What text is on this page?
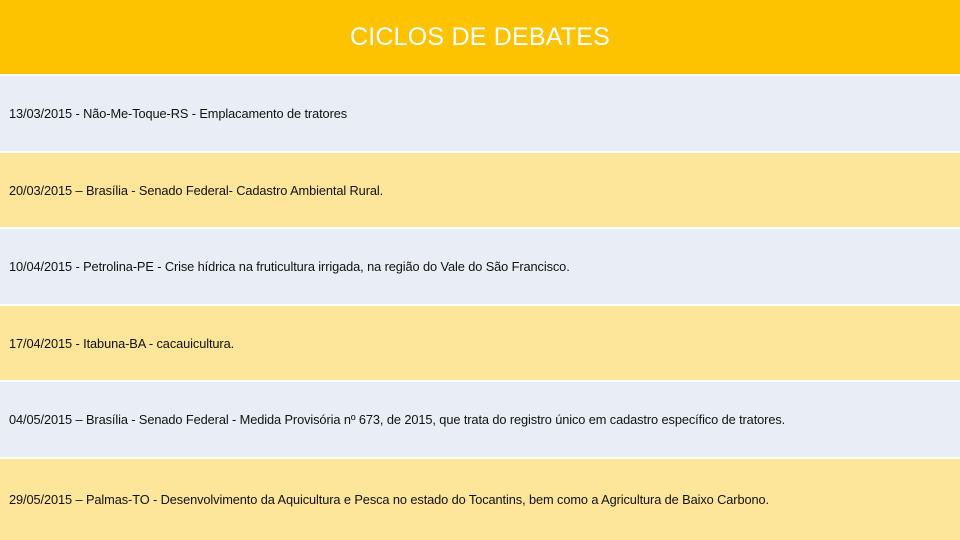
CICLOS DE DEBATES
13/03/2015 - Não-Me-Toque-RS - Emplacamento de tratores
20/03/2015 – Brasília - Senado Federal- Cadastro Ambiental Rural.
10/04/2015 - Petrolina-PE - Crise hídrica na fruticultura irrigada, na região do Vale do São Francisco.
17/04/2015 - Itabuna-BA - cacauicultura.
04/05/2015 – Brasília - Senado Federal - Medida Provisória nº 673, de 2015, que trata do registro único em cadastro específico de tratores.
29/05/2015 – Palmas-TO - Desenvolvimento da Aquicultura e Pesca no estado do Tocantins, bem como a Agricultura de Baixo Carbono.
